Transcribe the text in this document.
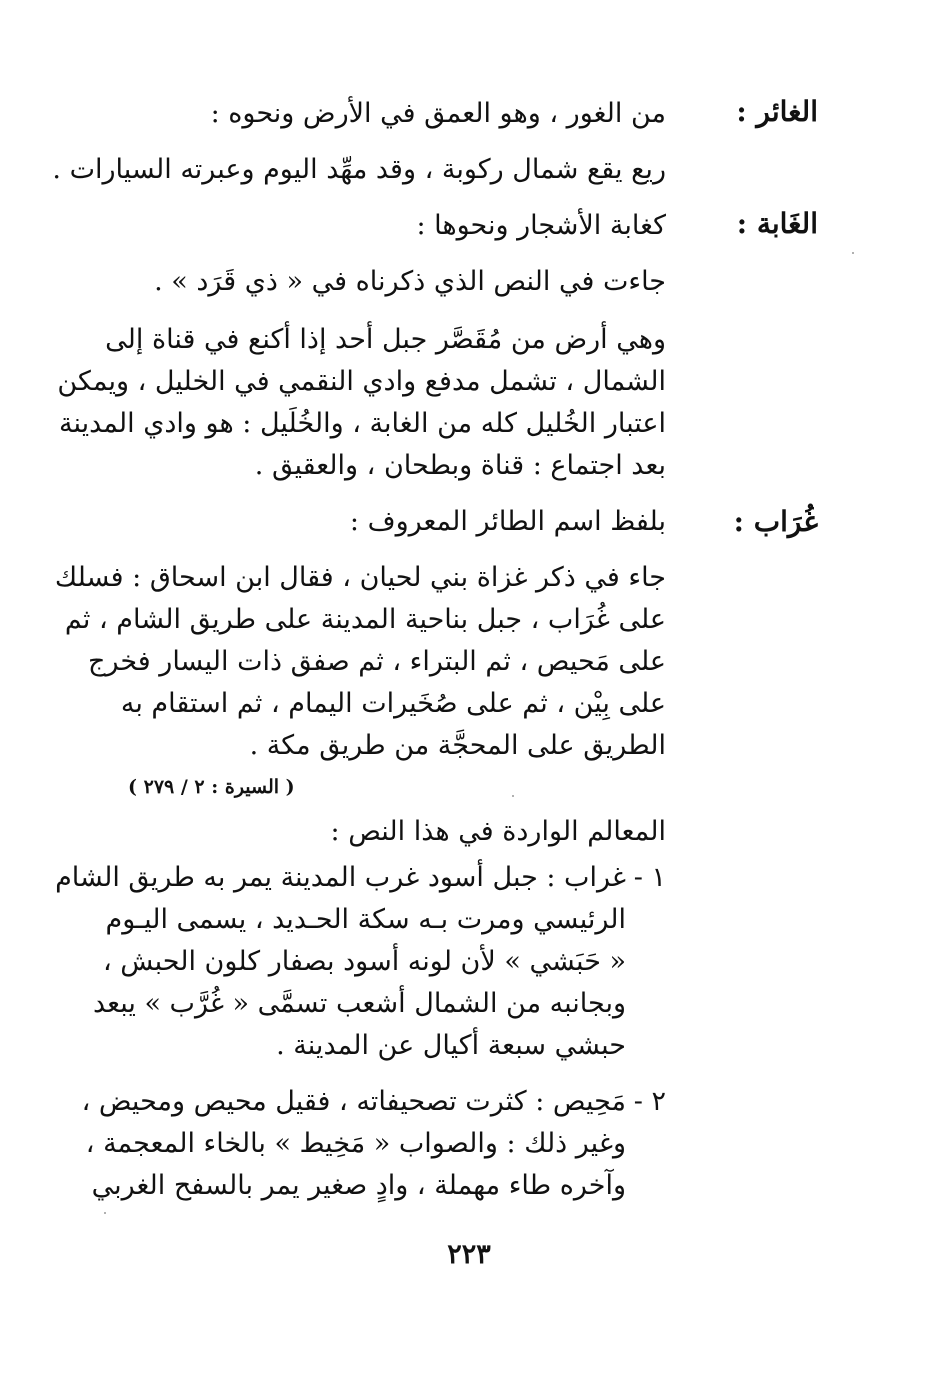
الغائر :
من الغور ، وهو العمق في الأرض ونحوه :
ريع يقع شمال ركوبة ، وقد مهِّد اليوم وعبرته السيارات .
الغَابة :
كغابة الأشجار ونحوها :
جاءت في النص الذي ذكرناه في « ذي قَرَد » .
وهي أرض من مُقَصَّر جبل أحد إذا أكنع في قناة إلى
الشمال ، تشمل مدفع وادي النقمي في الخليل ، ويمكن
اعتبار الخُليل كله من الغابة ، والخُلَيل : هو وادي المدينة
بعد اجتماع : قناة وبطحان ، والعقيق .
غُرَاب :
بلفظ اسم الطائر المعروف :
جاء في ذكر غزاة بني لحيان ، فقال ابن اسحاق : فسلك
على غُرَاب ، جبل بناحية المدينة على طريق الشام ، ثم
على مَحيص ، ثم البتراء ، ثم صفق ذات اليسار فخرج
على بِيْن ، ثم على صُخَيرات اليمام ، ثم استقام به
الطريق على المحجَّة من طريق مكة .
( السيرة : ٢ / ٢٧٩ )
المعالم الواردة في هذا النص :
١ -
غراب : جبل أسود غرب المدينة يمر به طريق الشام
الرئيسي ومرت بـه سكة الحـديد ، يسمى اليـوم
« حَبَشي » لأن لونه أسود بصفار كلون الحبش ،
وبجانبه من الشمال أشعب تسمَّى « غُرَّب » يبعد
حبشي سبعة أكيال عن المدينة .
٢ -
مَحِيص : كثرت تصحيفاته ، فقيل محيص ومحيض ،
وغير ذلك : والصواب « مَخِيط » بالخاء المعجمة ،
وآخره طاء مهملة ، وادٍ صغير يمر بالسفح الغربي
٢٢٣
